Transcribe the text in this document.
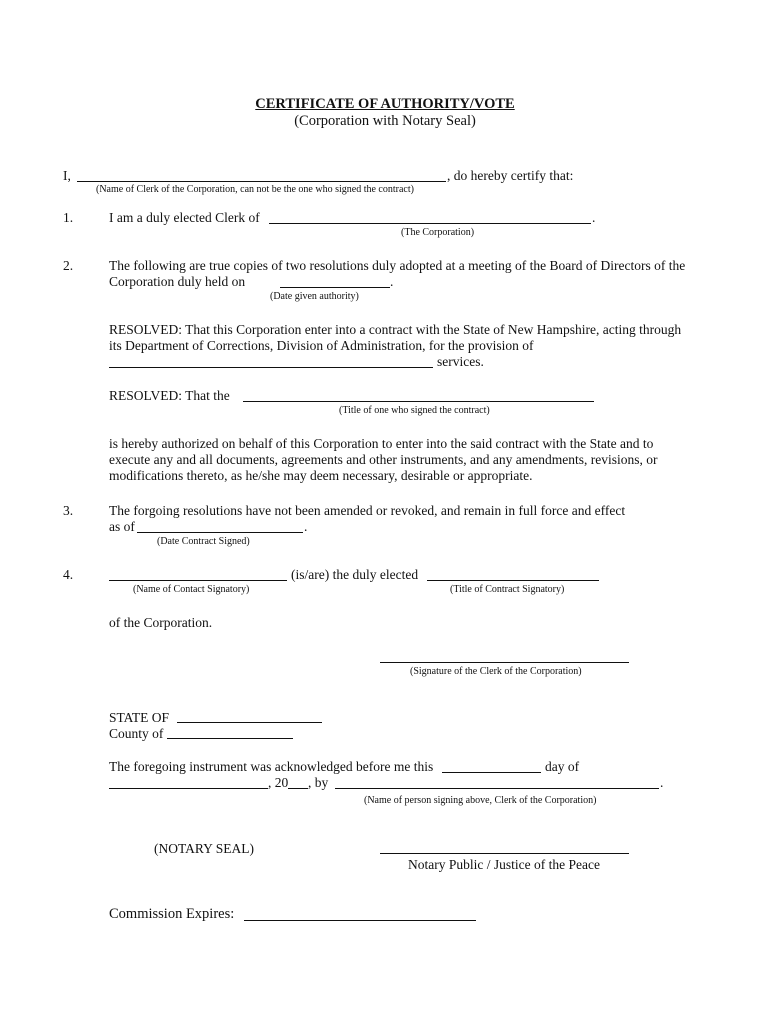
CERTIFICATE OF AUTHORITY/VOTE
(Corporation with Notary Seal)
I,	, do hereby certify that:
(Name of Clerk of the Corporation, can not be the one who signed the contract)
1.	I am a duly elected Clerk of	.
(The Corporation)
2.	The following are true copies of two resolutions duly adopted at a meeting of the Board of Directors of the
Corporation duly held on	.
(Date given authority)
RESOLVED: That this Corporation enter into a contract with the State of New Hampshire, acting through
its Department of Corrections, Division of Administration, for the provision of
services.
RESOLVED: That the
(Title of one who signed the contract)
is hereby authorized on behalf of this Corporation to enter into the said contract with the State and to
execute any and all documents, agreements and other instruments, and any amendments, revisions, or
modifications thereto, as he/she may deem necessary, desirable or appropriate.
3.	The forgoing resolutions have not been amended or revoked, and remain in full force and effect
as of	.
(Date Contract Signed)
4.	(is/are) the duly elected
(Name of Contact Signatory)	(Title of Contract Signatory)
of the Corporation.
(Signature of the Clerk of the Corporation)
STATE OF
County of
The foregoing instrument was acknowledged before me this	day of
, 20 , by	.
(Name of person signing above, Clerk of the Corporation)
(NOTARY SEAL)
Notary Public / Justice of the Peace
Commission Expires:
